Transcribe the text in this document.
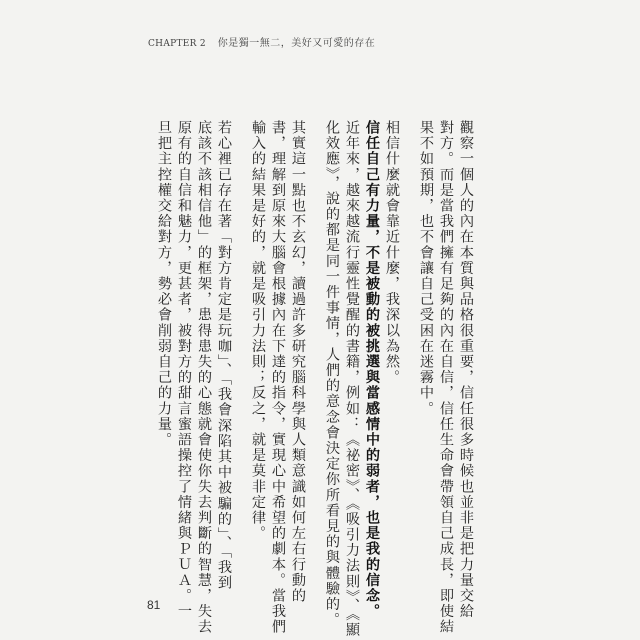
CHAPTER 2 你是獨一無二，美好又可愛的存在
觀察一個人的內在本質與品格很重要，信任很多時候也並非是把力量交給
對方。而是當我們擁有足夠的內在自信，信任生命會帶領自己成長，即使結
果不如預期，也不會讓自己受困在迷霧中。
相信什麼就會靠近什麼，我深以為然。
信任自己有力量，不是被動的被挑選與當感情中的弱者，也是我的信念。
近年來，越來越流行靈性覺醒的書籍，例如：《祕密》、《吸引力法則》、《顯
化效應》，說的都是同一件事情，人們的意念會決定你所看見的與體驗的。
其實這一點也不玄幻，讀過許多研究腦科學與人類意識如何左右行動的
書，理解到原來大腦會根據內在下達的指令，實現心中希望的劇本。當我們
輸入的結果是好的，就是吸引力法則；反之，就是莫非定律。
若心裡已存在著「對方肯定是玩咖」、「我會深陷其中被騙的」、「我到
底該不該相信他」的框架，患得患失的心態就會使你失去判斷的智慧，失去
原有的自信和魅力，更甚者，被對方的甜言蜜語操控了情緒與ＰＵＡ。一
旦把主控權交給對方，勢必會削弱自己的力量。
81
